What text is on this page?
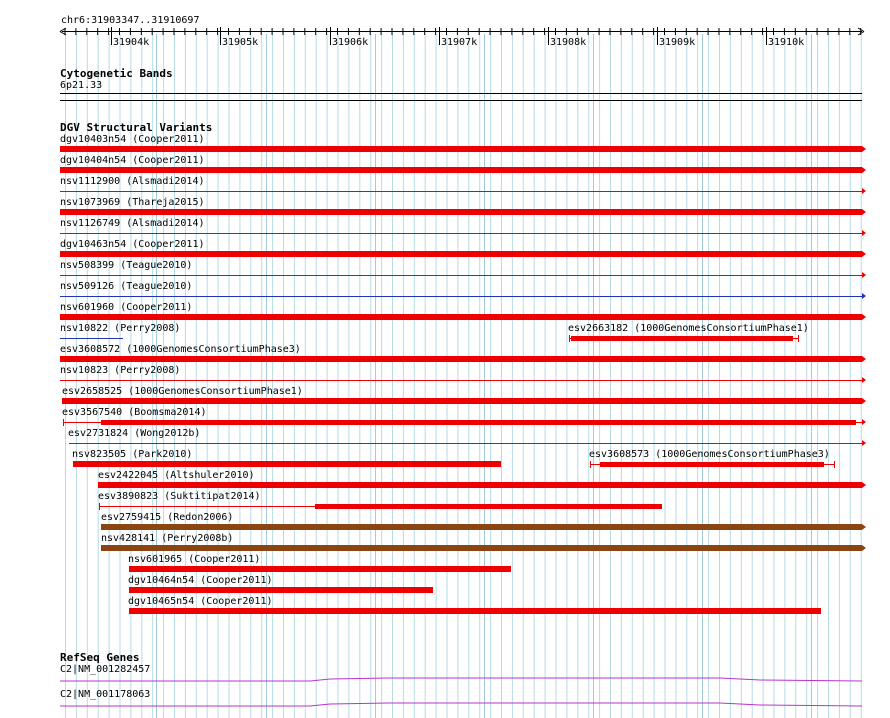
chr6:31903347..31910697
31904k	31905k	31906k	31907k	31908k	31909k	31910k
Cytogenetic Bands
6p21.33
DGV Structural Variants
dgv10403n54 (Cooper2011)
dgv10404n54 (Cooper2011)
nsv1112900 (Alsmadi2014)
nsv1073969 (Thareja2015)
nsv1126749 (Alsmadi2014)
dgv10463n54 (Cooper2011)
nsv508399 (Teague2010)
nsv509126 (Teague2010)
nsv601960 (Cooper2011)
nsv10822 (Perry2008)	esv2663182 (1000GenomesConsortiumPhase1)
esv3608572 (1000GenomesConsortiumPhase3)
nsv10823 (Perry2008)
esv2658525 (1000GenomesConsortiumPhase1)
esv3567540 (Boomsma2014)
esv2731824 (Wong2012b)
nsv823505 (Park2010)	esv3608573 (1000GenomesConsortiumPhase3)
esv2422045 (Altshuler2010)
esv3890823 (Suktitipat2014)
esv2759415 (Redon2006)
nsv428141 (Perry2008b)
nsv601965 (Cooper2011)
dgv10464n54 (Cooper2011)
dgv10465n54 (Cooper2011)
RefSeq Genes
C2|NM_001282457
C2|NM_001178063
